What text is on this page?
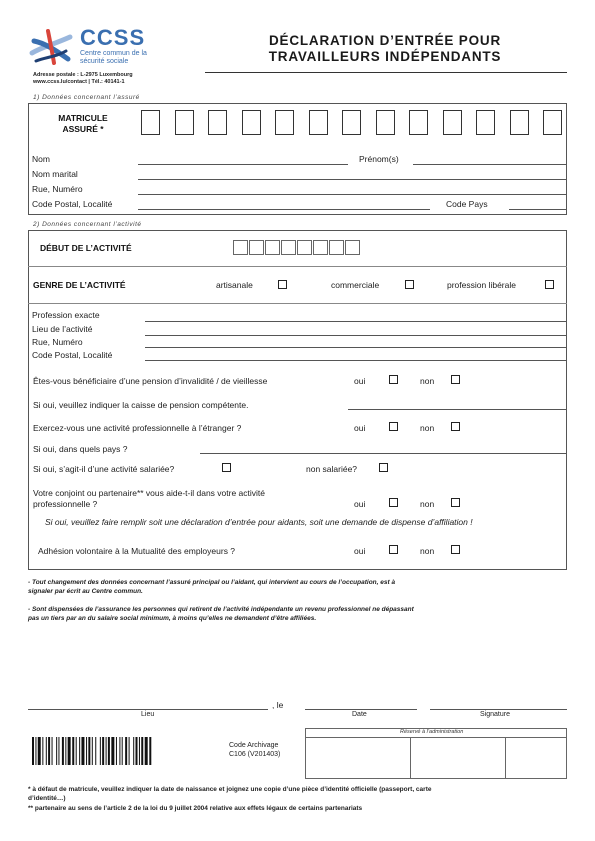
CCSS
Centre commun de la sécurité sociale
Adresse postale : L-2975 Luxembourg
www.ccss.lu/contact | Tél.: 40141-1
DÉCLARATION D’ENTRÉE POUR
TRAVAILLEURS INDÉPENDANTS
1) Données concernant l’assuré
MATRICULE
ASSURÉ *
Nom	Prénom(s)
Nom marital
Rue, Numéro
Code Postal, Localité	Code Pays
2) Données concernant l’activité
DÉBUT DE L’ACTIVITÉ
GENRE DE L’ACTIVITÉ	artisanale	commerciale	profession libérale
Profession exacte
Lieu de l’activité
Rue, Numéro
Code Postal, Localité
Êtes-vous bénéficiaire d’une pension d’invalidité / de vieillesse	oui	non
Si oui, veuillez indiquer la caisse de pension compétente.
Exercez-vous une activité professionnelle à l’étranger ?	oui	non
Si oui, dans quels pays ?
Si oui, s’agit-il d’une activité salariée?	non salariée?
Votre conjoint ou partenaire** vous aide-t-il dans votre activité
professionnelle ?	oui	non
Si oui, veuillez faire remplir soit une déclaration d’entrée pour aidants, soit une demande de dispense d’affiliation !
Adhésion volontaire à la Mutualité des employeurs ?	oui	non
- Tout changement des données concernant l’assuré principal ou l’aidant, qui intervient au cours de l’occupation, est à
signaler par écrit au Centre commun.
- Sont dispensées de l’assurance les personnes qui retirent de l’activité indépendante un revenu professionnel ne dépassant
pas un tiers par an du salaire social minimum, à moins qu’elles ne demandent d’être affiliées.
, le
Lieu	Date	Signature
Code Archivage
C106 (V201403)
Réservé à l’administration
* à défaut de matricule, veuillez indiquer la date de naissance et joignez une copie d’une pièce d’identité officielle (passeport, carte
d’identité…)
** partenaire au sens de l’article 2 de la loi du 9 juillet 2004 relative aux effets légaux de certains partenariats
